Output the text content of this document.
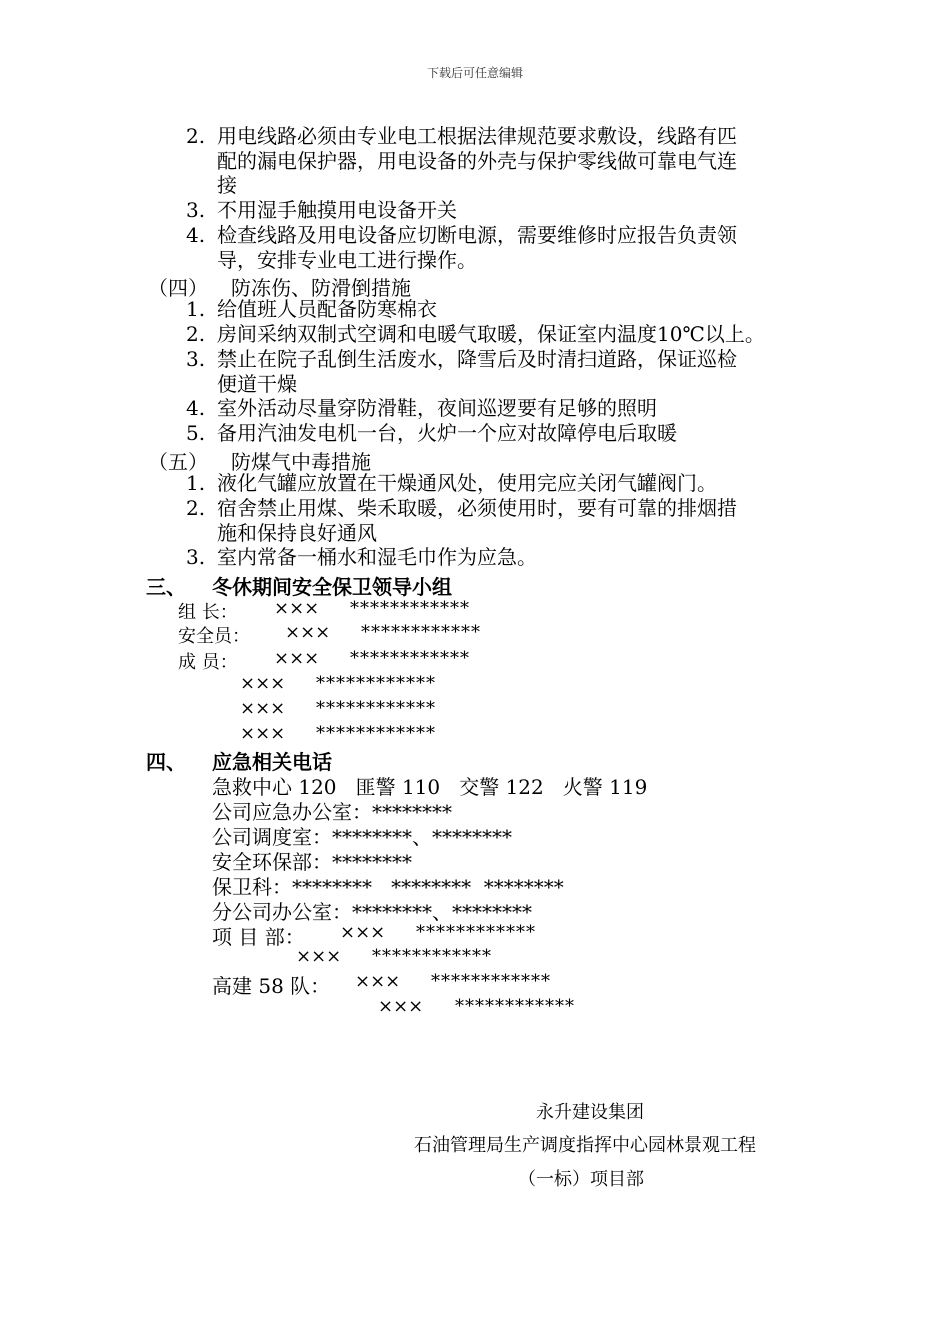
下载后可任意编辑
2. 用电线路必须由专业电工根据法律规范要求敷设，线路有匹
配的漏电保护器，用电设备的外壳与保护零线做可靠电气连
接
3. 不用湿手触摸用电设备开关
4. 检查线路及用电设备应切断电源，需要维修时应报告负责领
导，安排专业电工进行操作。
（四） 防冻伤、防滑倒措施
1. 给值班人员配备防寒棉衣
2. 房间采纳双制式空调和电暖气取暖，保证室内温度10℃以上。
3. 禁止在院子乱倒生活废水，降雪后及时清扫道路，保证巡检
便道干燥
4. 室外活动尽量穿防滑鞋，夜间巡逻要有足够的照明
5. 备用汽油发电机一台，火炉一个应对故障停电后取暖
（五） 防煤气中毒措施
1. 液化气罐应放置在干燥通风处，使用完应关闭气罐阀门。
2. 宿舍禁止用煤、柴禾取暖，必须使用时，要有可靠的排烟措
施和保持良好通风
3. 室内常备一桶水和湿毛巾作为应急。
三、 冬休期间安全保卫领导小组
组 长： ××× ************
安全员： ××× ************
成 员： ××× ************
××× ************
××× ************
××× ************
四、 应急相关电话
急救中心 120   匪警 110   交警 122   火警 119
公司应急办公室：********
公司调度室：********、********
安全环保部：********
保卫科：********   ********  ********
分公司办公室：********、********
项 目 部： ××× ************
××× ************
高建 58 队： ××× ************
××× ************
永升建设集团
石油管理局生产调度指挥中心园林景观工程
（一标）项目部
